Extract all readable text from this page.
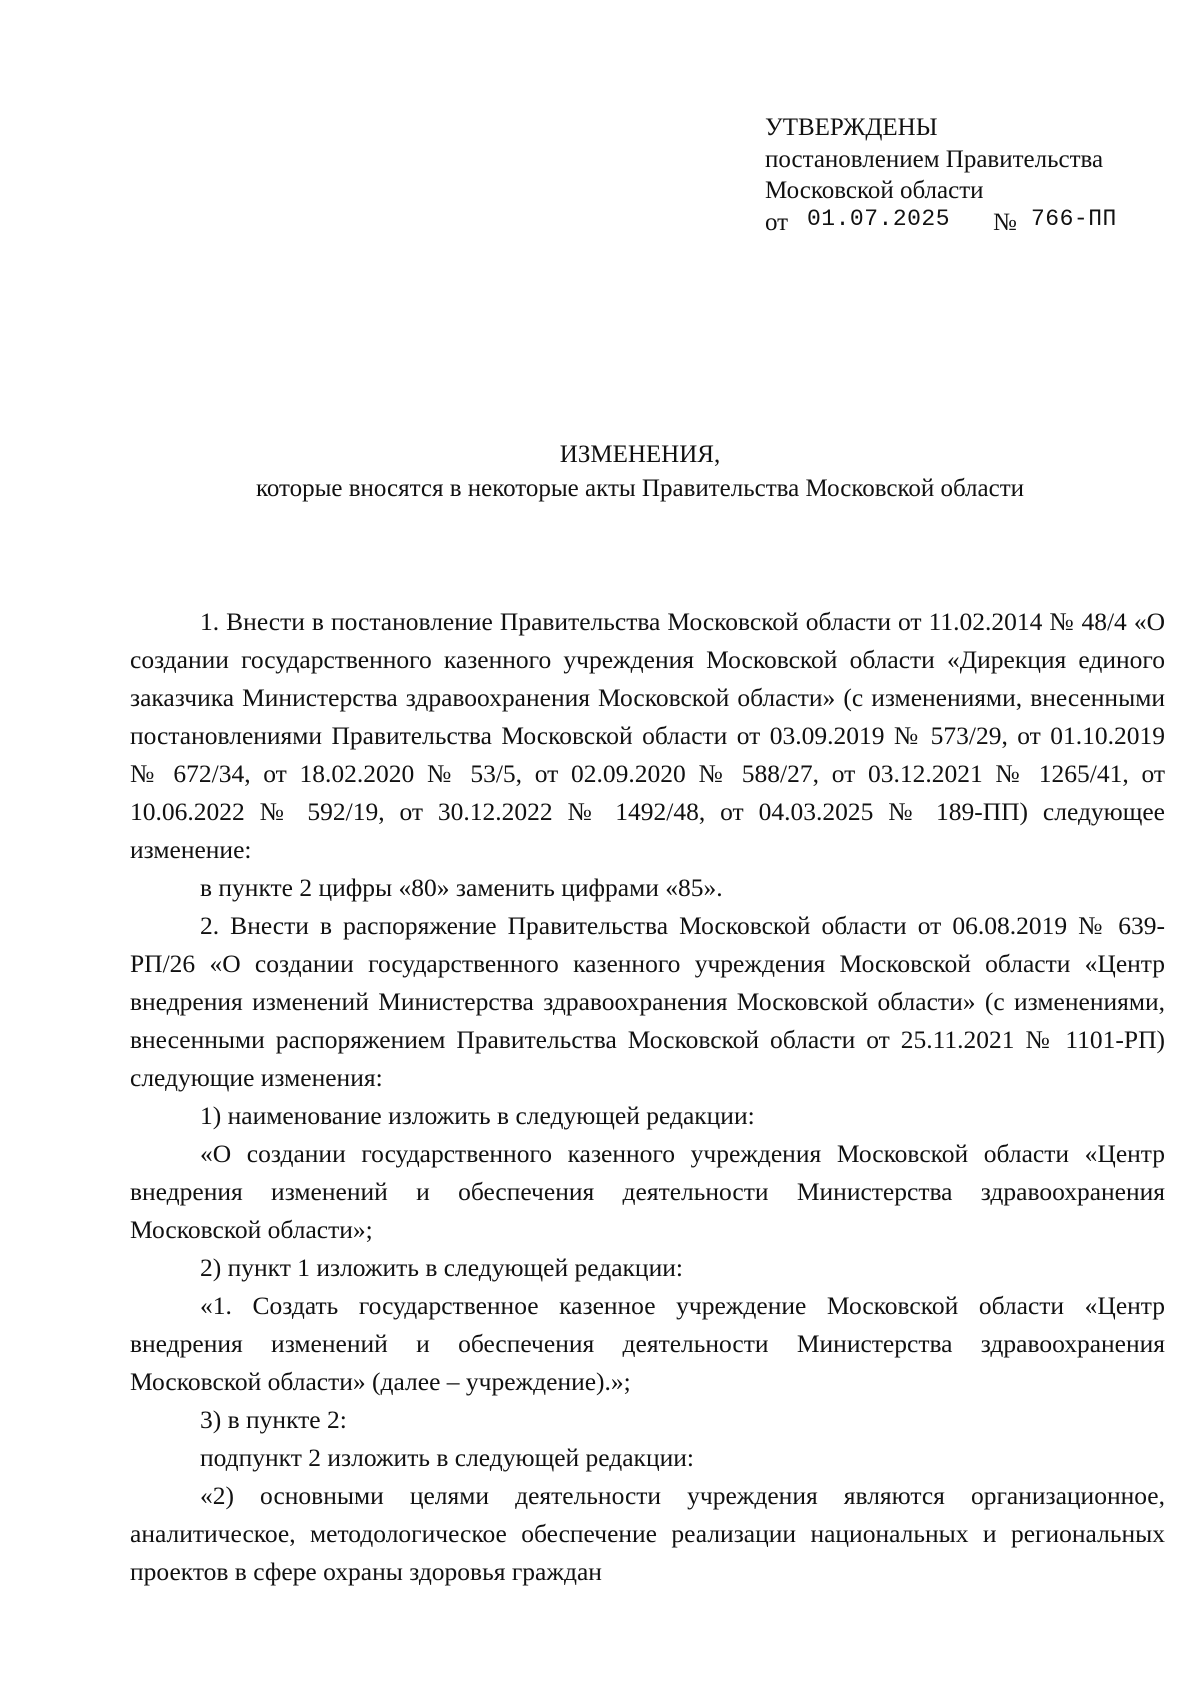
УТВЕРЖДЕНЫ
постановлением Правительства
Московской области
от 01.07.2025 № 766-ПП
ИЗМЕНЕНИЯ,
которые вносятся в некоторые акты Правительства Московской области

1. Внести в постановление Правительства Московской области от 11.02.2014 № 48/4 «О создании государственного казенного учреждения Московской области «Дирекция единого заказчика Министерства здравоохранения Московской области» (с изменениями, внесенными постановлениями Правительства Московской области от 03.09.2019 № 573/29, от 01.10.2019 № 672/34, от 18.02.2020 № 53/5, от 02.09.2020 № 588/27, от 03.12.2021 № 1265/41, от 10.06.2022 № 592/19, от 30.12.2022 № 1492/48, от 04.03.2025 № 189-ПП) следующее изменение:

в пункте 2 цифры «80» заменить цифрами «85».

2. Внести в распоряжение Правительства Московской области от 06.08.2019 № 639-РП/26 «О создании государственного казенного учреждения Московской области «Центр внедрения изменений Министерства здравоохранения Московской области» (с изменениями, внесенными распоряжением Правительства Московской области от 25.11.2021 № 1101-РП) следующие изменения:

1) наименование изложить в следующей редакции:

«О создании государственного казенного учреждения Московской области «Центр внедрения изменений и обеспечения деятельности Министерства здравоохранения Московской области»;

2) пункт 1 изложить в следующей редакции:

«1. Создать государственное казенное учреждение Московской области «Центр внедрения изменений и обеспечения деятельности Министерства здравоохранения Московской области» (далее – учреждение).»;

3) в пункте 2:

подпункт 2 изложить в следующей редакции:

«2) основными целями деятельности учреждения являются организационное, аналитическое, методологическое обеспечение реализации национальных и региональных проектов в сфере охраны здоровья граждан
